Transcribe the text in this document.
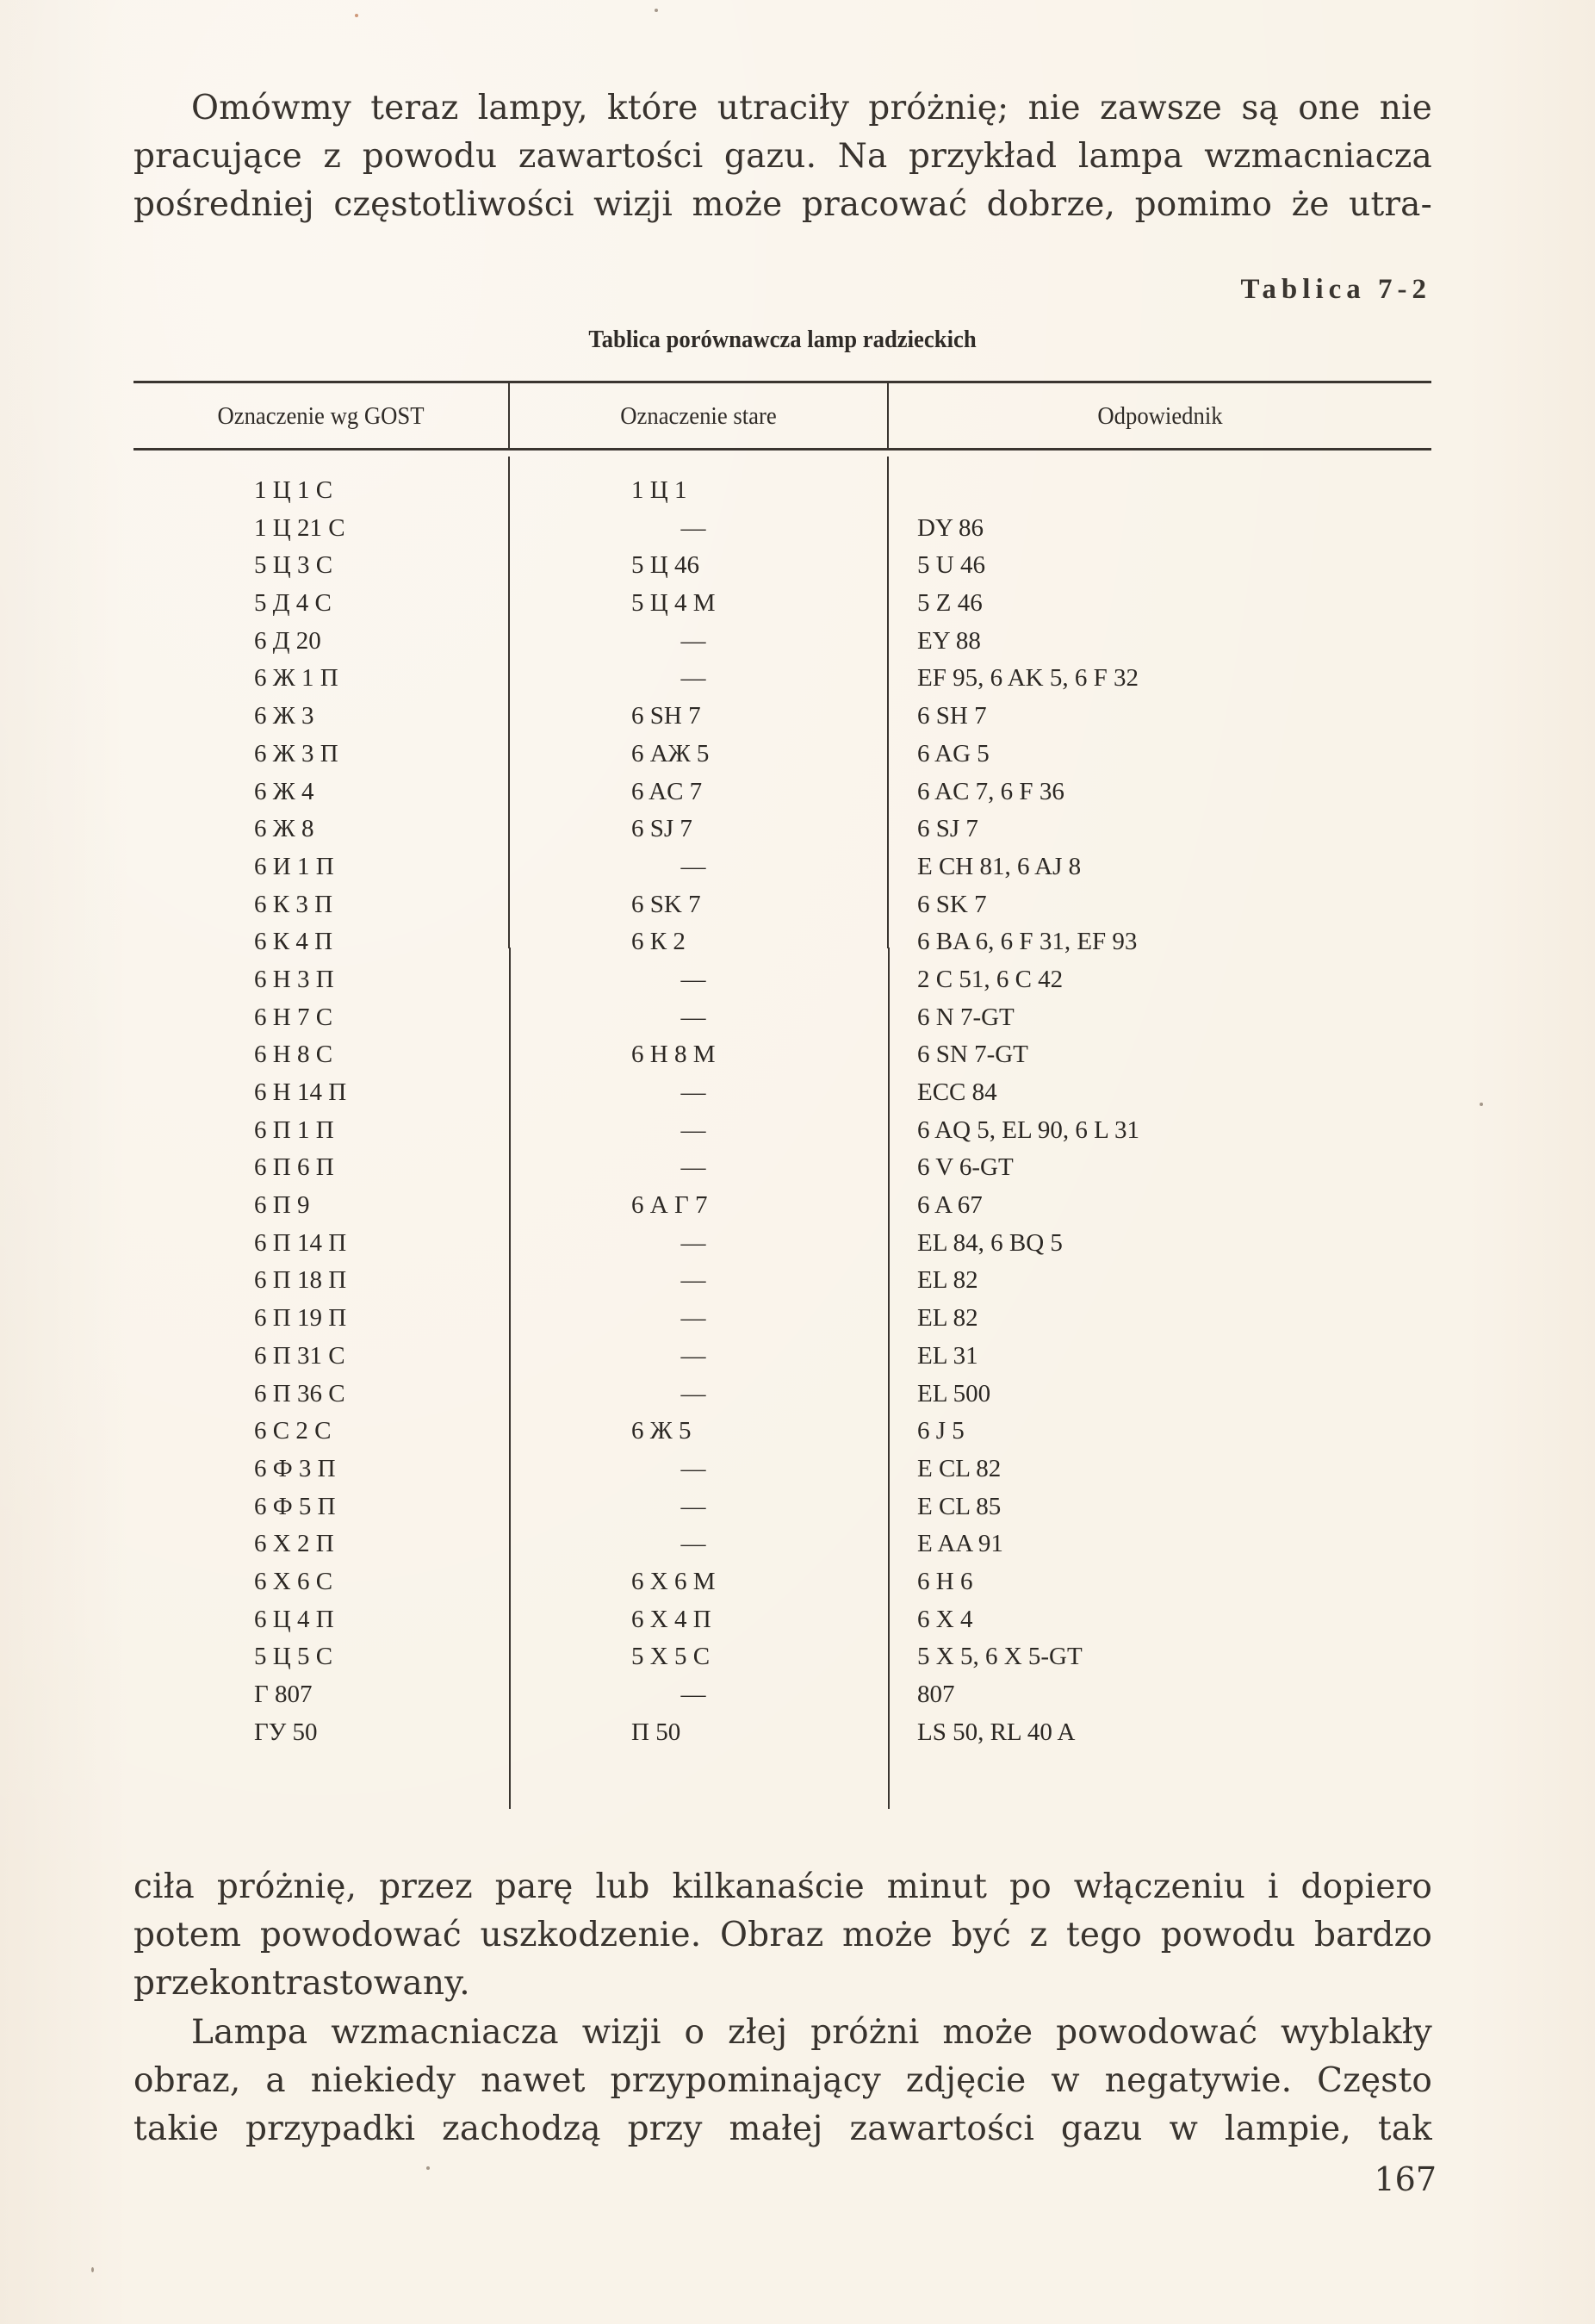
Omówmy teraz lampy, które utraciły próżnię; nie zawsze są one nie
pracujące z powodu zawartości gazu. Na przykład lampa wzmacniacza
pośredniej częstotliwości wizji może pracować dobrze, pomimo że utra-
Tablica 7-2
Tablica porównawcza lamp radzieckich
Oznaczenie wg GOST	Oznaczenie stare	Odpowiednik
1 Ц 1 С	1 Ц 1
1 Ц 21 С	—	DY 86
5 Ц 3 С	5 Ц 46	5 U 46
5 Д 4 С	5 Ц 4 М	5 Z 46
6 Д 20	—	EY 88
6 Ж 1 П	—	EF 95, 6 AK 5, 6 F 32
6 Ж 3	6 SH 7	6 SH 7
6 Ж 3 П	6 АЖ 5	6 AG 5
6 Ж 4	6 AC 7	6 AC 7, 6 F 36
6 Ж 8	6 SJ 7	6 SJ 7
6 И 1 П	—	E CH 81, 6 AJ 8
6 К 3 П	6 SK 7	6 SK 7
6 К 4 П	6 К 2	6 BA 6, 6 F 31, EF 93
6 Н 3 П	—	2 C 51, 6 C 42
6 Н 7 С	—	6 N 7-GT
6 Н 8 С	6 Н 8 М	6 SN 7-GT
6 Н 14 П	—	ECC 84
6 П 1 П	—	6 AQ 5, EL 90, 6 L 31
6 П 6 П	—	6 V 6-GT
6 П 9	6 А Г 7	6 A 67
6 П 14 П	—	EL 84, 6 BQ 5
6 П 18 П	—	EL 82
6 П 19 П	—	EL 82
6 П 31 С	—	EL 31
6 П 36 С	—	EL 500
6 С 2 С	6 Ж 5	6 J 5
6 Ф 3 П	—	E CL 82
6 Ф 5 П	—	E CL 85
6 Х 2 П	—	E AA 91
6 Х 6 С	6 Х 6 М	6 H 6
6 Ц 4 П	6 Х 4 П	6 X 4
5 Ц 5 С	5 Х 5 С	5 X 5, 6 X 5-GT
Г 807	—	807
ГУ 50	П 50	LS 50, RL 40 A
ciła próżnię, przez parę lub kilkanaście minut po włączeniu i dopiero
potem powodować uszkodzenie. Obraz może być z tego powodu bardzo
przekontrastowany.
Lampa wzmacniacza wizji o złej próżni może powodować wyblakły
obraz, a niekiedy nawet przypominający zdjęcie w negatywie. Często
takie przypadki zachodzą przy małej zawartości gazu w lampie, tak
167
